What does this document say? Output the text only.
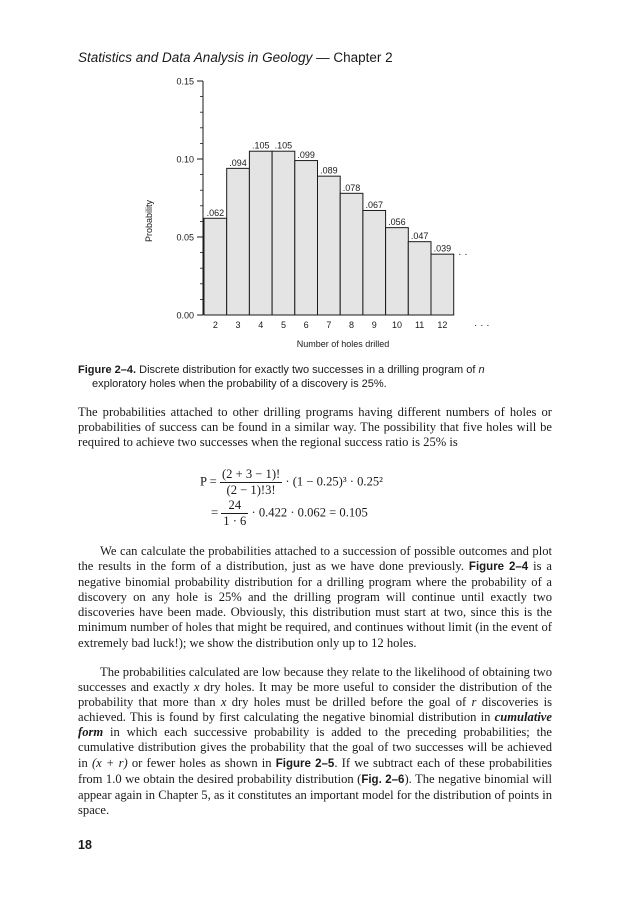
Statistics and Data Analysis in Geology — Chapter 2
0.00
0.05
0.10
0.15
.062
.094
.105 .105
.099
.089
.078
.067
.056
.047
.039
2 3 4 5 6 7 8 9 10 11 12
· · ·
· · ·
Number of holes drilled
Probability
Figure 2–4. Discrete distribution for exactly two successes in a drilling program of n
exploratory holes when the probability of a discovery is 25%.

The probabilities attached to other drilling programs having different numbers of holes or probabilities of success can be found in a similar way. The possibility that five holes will be required to achieve two successes when the regional success ratio is 25% is

$P = \frac{(2 + 3 - 1)!}{(2 - 1)!3!} \cdot (1 - 0.25)^3 \cdot 0.25^2$
= $\frac{24}{1 \cdot 6} \cdot 0.422 \cdot 0.062 = 0.105$

We can calculate the probabilities attached to a succession of possible outcomes and plot the results in the form of a distribution, just as we have done previously. Figure 2–4 is a negative binomial probability distribution for a drilling program where the probability of a discovery on any hole is 25% and the drilling program will continue until exactly two discoveries have been made. Obviously, this distribution must start at two, since this is the minimum number of holes that might be required, and continues without limit (in the event of extremely bad luck!); we show the distribution only up to 12 holes.

The probabilities calculated are low because they relate to the likelihood of obtaining two successes and exactly x dry holes. It may be more useful to consider the distribution of the probability that more than x dry holes must be drilled before the goal of r discoveries is achieved. This is found by first calculating the negative binomial distribution in cumulative form in which each successive probability is added to the preceding probabilities; the cumulative distribution gives the probability that the goal of two successes will be achieved in (x + r) or fewer holes as shown in Figure 2–5. If we subtract each of these probabilities from 1.0 we obtain the desired probability distribution (Fig. 2–6). The negative binomial will appear again in Chapter 5, as it constitutes an important model for the distribution of points in space.

18
